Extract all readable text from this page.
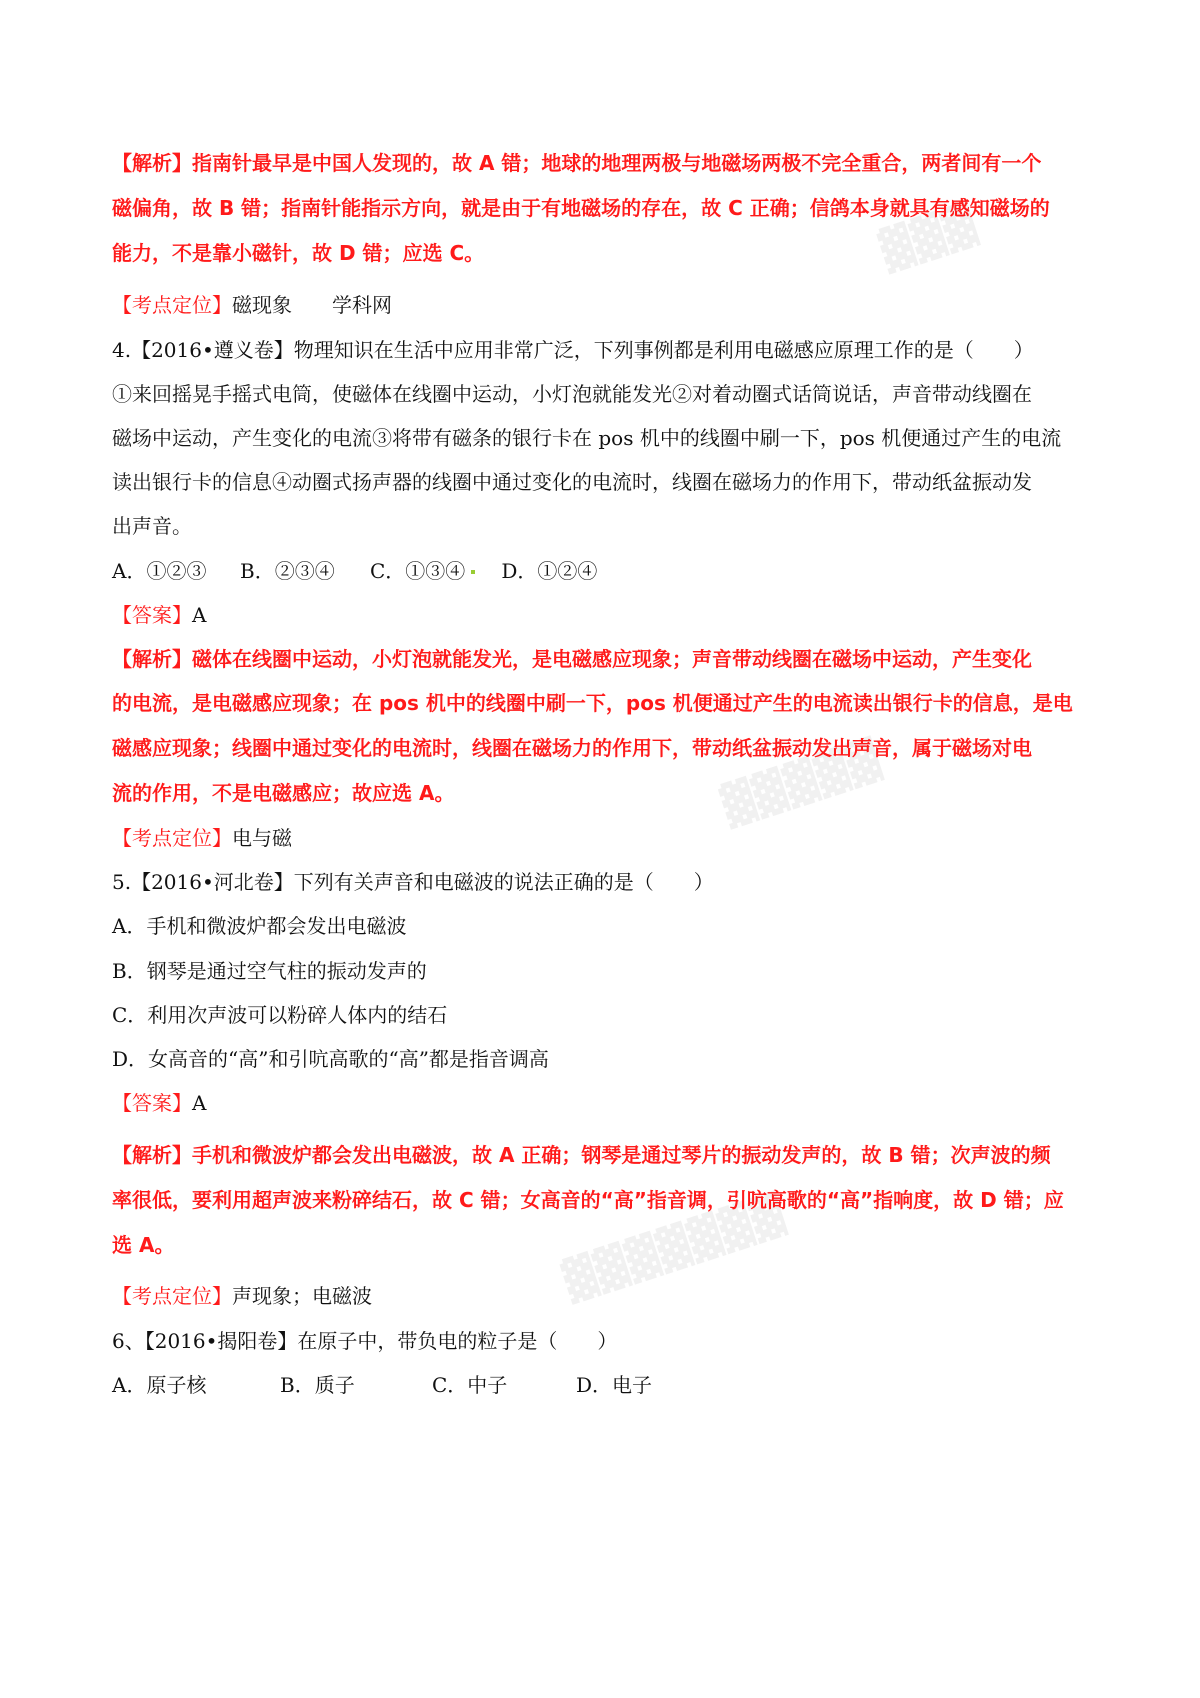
▓▓▓
▓▓▓▓▓
▓▓▓▓▓▓▓
【解析】指南针最早是中国人发现的，故 A 错；地球的地理两极与地磁场两极不完全重合，两者间有一个
磁偏角，故 B 错；指南针能指示方向，就是由于有地磁场的存在，故 C 正确；信鸽本身就具有感知磁场的
能力，不是靠小磁针，故 D 错；应选 C。
【考点定位】磁现象 学科网
4.【2016•遵义卷】物理知识在生活中应用非常广泛，下列事例都是利用电磁感应原理工作的是（　　）
①来回摇晃手摇式电筒，使磁体在线圈中运动，小灯泡就能发光②对着动圈式话筒说话，声音带动线圈在
磁场中运动，产生变化的电流③将带有磁条的银行卡在 pos 机中的线圈中刷一下，pos 机便通过产生的电流
读出银行卡的信息④动圈式扬声器的线圈中通过变化的电流时，线圈在磁场力的作用下，带动纸盆振动发
出声音。
A．①②③ B．②③④ C．①③④ D．①②④
【答案】A
【解析】磁体在线圈中运动，小灯泡就能发光，是电磁感应现象；声音带动线圈在磁场中运动，产生变化
的电流，是电磁感应现象；在 pos 机中的线圈中刷一下，pos 机便通过产生的电流读出银行卡的信息，是电
磁感应现象；线圈中通过变化的电流时，线圈在磁场力的作用下，带动纸盆振动发出声音，属于磁场对电
流的作用，不是电磁感应；故应选 A。
【考点定位】电与磁
5.【2016•河北卷】下列有关声音和电磁波的说法正确的是（　　）
A．手机和微波炉都会发出电磁波
B．钢琴是通过空气柱的振动发声的
C．利用次声波可以粉碎人体内的结石
D．女高音的“高”和引吭高歌的“高”都是指音调高
【答案】A
【解析】手机和微波炉都会发出电磁波，故 A 正确；钢琴是通过琴片的振动发声的，故 B 错；次声波的频
率很低，要利用超声波来粉碎结石，故 C 错；女高音的“高”指音调，引吭高歌的“高”指响度，故 D 错；应
选 A。
【考点定位】声现象；电磁波
6、【2016•揭阳卷】在原子中，带负电的粒子是（　　）
A．原子核	B．质子	C．中子	D．电子
